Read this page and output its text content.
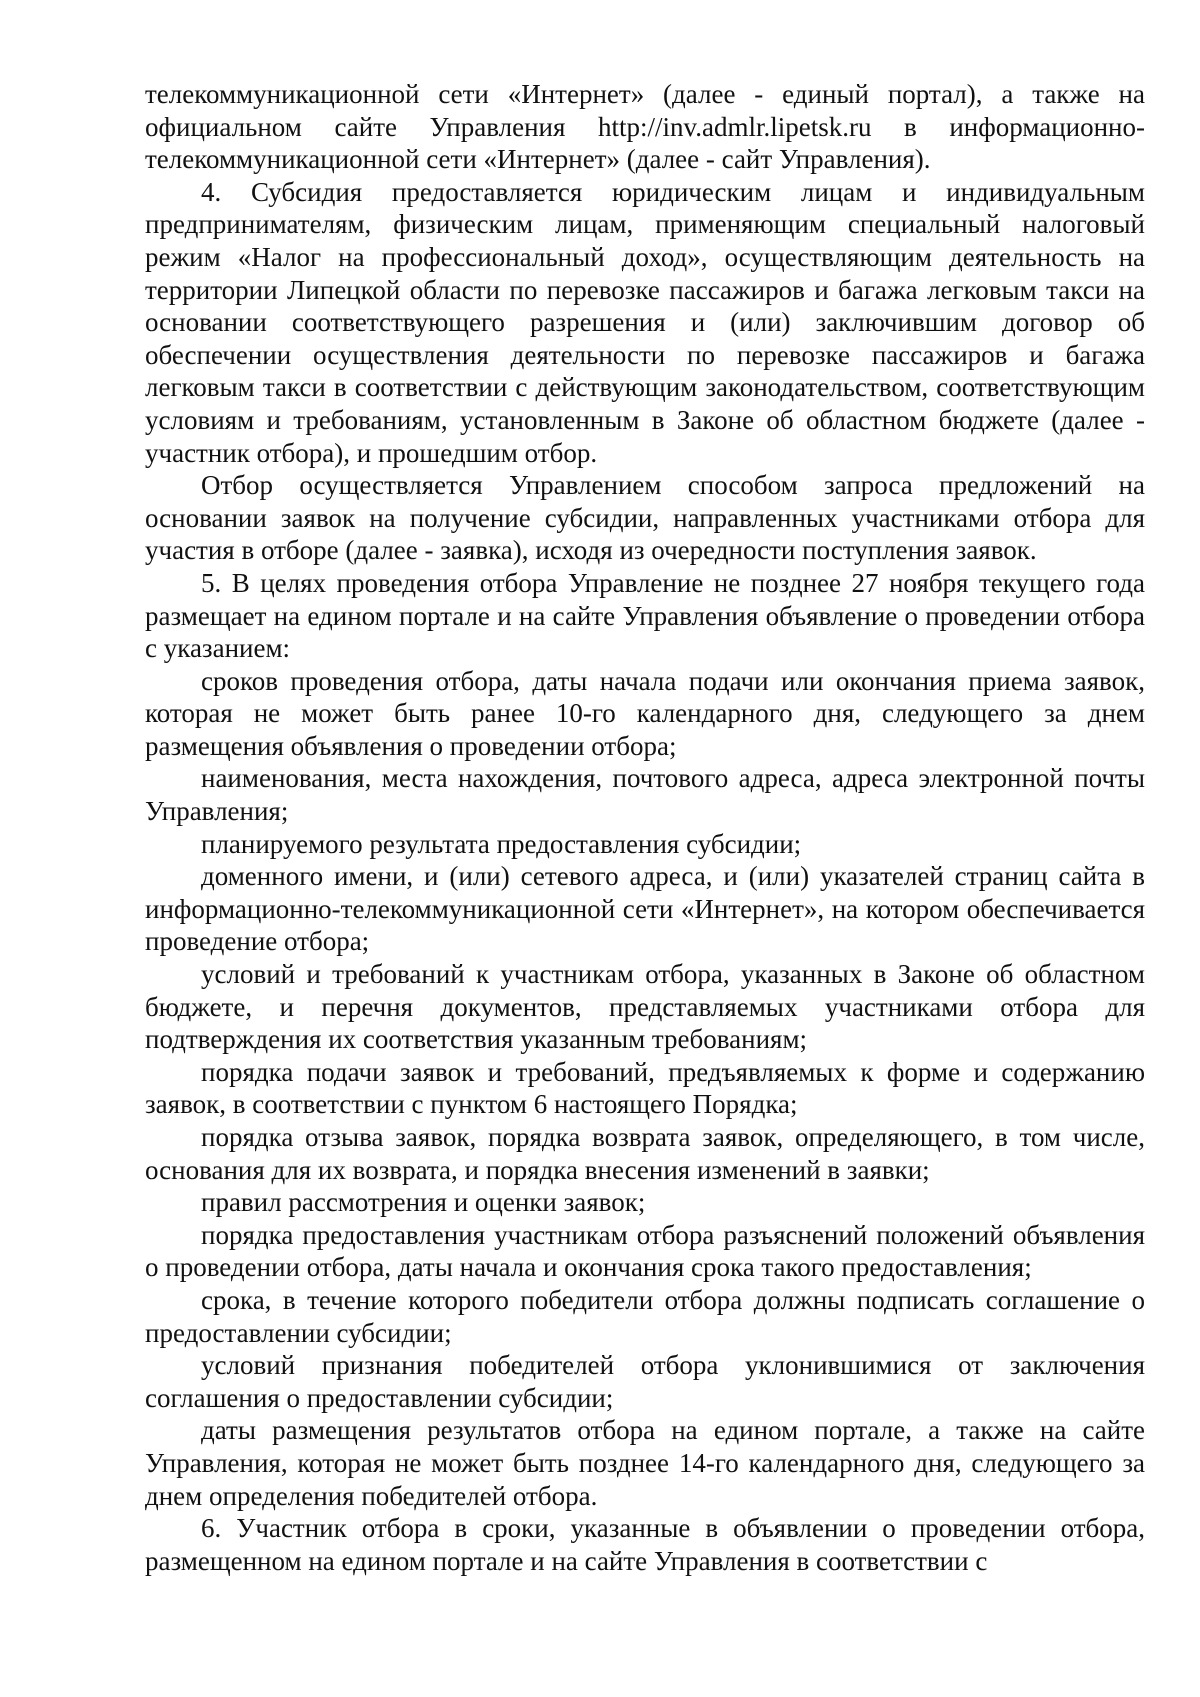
телекоммуникационной сети «Интернет» (далее - единый портал), а также на официальном сайте Управления http://inv.admlr.lipetsk.ru в информационно-телекоммуникационной сети «Интернет» (далее - сайт Управления).

4. Субсидия предоставляется юридическим лицам и индивидуальным предпринимателям, физическим лицам, применяющим специальный налоговый режим «Налог на профессиональный доход», осуществляющим деятельность на территории Липецкой области по перевозке пассажиров и багажа легковым такси на основании соответствующего разрешения и (или) заключившим договор об обеспечении осуществления деятельности по перевозке пассажиров и багажа легковым такси в соответствии с действующим законодательством, соответствующим условиям и требованиям, установленным в Законе об областном бюджете (далее - участник отбора), и прошедшим отбор.

Отбор осуществляется Управлением способом запроса предложений на основании заявок на получение субсидии, направленных участниками отбора для участия в отборе (далее - заявка), исходя из очередности поступления заявок.

5. В целях проведения отбора Управление не позднее 27 ноября текущего года размещает на едином портале и на сайте Управления объявление о проведении отбора с указанием:

сроков проведения отбора, даты начала подачи или окончания приема заявок, которая не может быть ранее 10-го календарного дня, следующего за днем размещения объявления о проведении отбора;

наименования, места нахождения, почтового адреса, адреса электронной почты Управления;

планируемого результата предоставления субсидии;

доменного имени, и (или) сетевого адреса, и (или) указателей страниц сайта в информационно-телекоммуникационной сети «Интернет», на котором обеспечивается проведение отбора;

условий и требований к участникам отбора, указанных в Законе об областном бюджете, и перечня документов, представляемых участниками отбора для подтверждения их соответствия указанным требованиям;

порядка подачи заявок и требований, предъявляемых к форме и содержанию заявок, в соответствии с пунктом 6 настоящего Порядка;

порядка отзыва заявок, порядка возврата заявок, определяющего, в том числе, основания для их возврата, и порядка внесения изменений в заявки;

правил рассмотрения и оценки заявок;

порядка предоставления участникам отбора разъяснений положений объявления о проведении отбора, даты начала и окончания срока такого предоставления;

срока, в течение которого победители отбора должны подписать соглашение о предоставлении субсидии;

условий признания победителей отбора уклонившимися от заключения соглашения о предоставлении субсидии;

даты размещения результатов отбора на едином портале, а также на сайте Управления, которая не может быть позднее 14-го календарного дня, следующего за днем определения победителей отбора.

6. Участник отбора в сроки, указанные в объявлении о проведении отбора, размещенном на едином портале и на сайте Управления в соответствии с
